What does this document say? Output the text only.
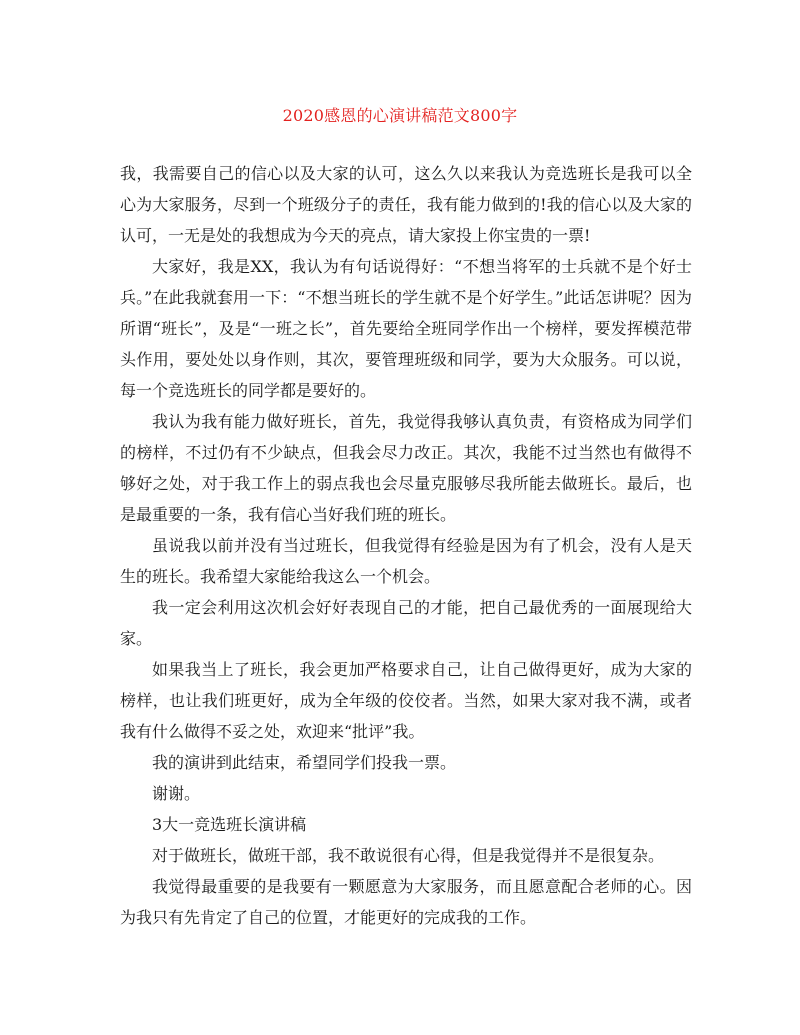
2020感恩的心演讲稿范文800字

我，我需要自己的信心以及大家的认可，这么久以来我认为竞选班长是我可以全心为大家服务，尽到一个班级分子的责任，我有能力做到的!我的信心以及大家的认可，一无是处的我想成为今天的亮点，请大家投上你宝贵的一票!

大家好，我是XX，我认为有句话说得好：“不想当将军的士兵就不是个好士兵。”在此我就套用一下：“不想当班长的学生就不是个好学生。”此话怎讲呢？因为所谓“班长”，及是“一班之长”，首先要给全班同学作出一个榜样，要发挥模范带头作用，要处处以身作则，其次，要管理班级和同学，要为大众服务。可以说，每一个竞选班长的同学都是要好的。

我认为我有能力做好班长，首先，我觉得我够认真负责，有资格成为同学们的榜样，不过仍有不少缺点，但我会尽力改正。其次，我能不过当然也有做得不够好之处，对于我工作上的弱点我也会尽量克服够尽我所能去做班长。最后，也是最重要的一条，我有信心当好我们班的班长。

虽说我以前并没有当过班长，但我觉得有经验是因为有了机会，没有人是天生的班长。我希望大家能给我这么一个机会。

我一定会利用这次机会好好表现自己的才能，把自己最优秀的一面展现给大家。

如果我当上了班长，我会更加严格要求自己，让自己做得更好，成为大家的榜样，也让我们班更好，成为全年级的佼佼者。当然，如果大家对我不满，或者我有什么做得不妥之处，欢迎来“批评”我。

我的演讲到此结束，希望同学们投我一票。

谢谢。

3大一竞选班长演讲稿

对于做班长，做班干部，我不敢说很有心得，但是我觉得并不是很复杂。

我觉得最重要的是我要有一颗愿意为大家服务，而且愿意配合老师的心。因为我只有先肯定了自己的位置，才能更好的完成我的工作。
